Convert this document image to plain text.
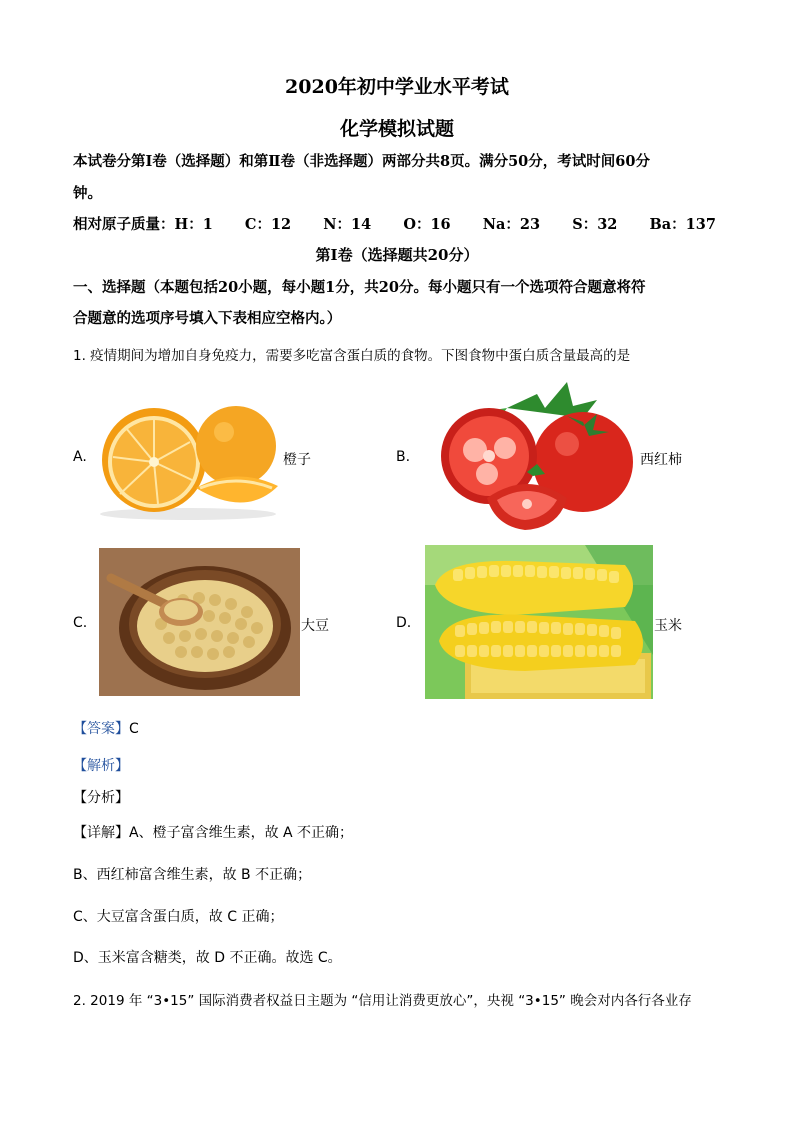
2020年初中学业水平考试
化学模拟试题
本试卷分第Ⅰ卷（选择题）和第Ⅱ卷（非选择题）两部分共8页。满分50分，考试时间60分
钟。
相对原子质量：H：1 C：12 N：14 O：16 Na：23 S：32 Ba：137
第Ⅰ卷（选择题共20分）
一、选择题（本题包括20小题，每小题1分，共20分。每小题只有一个选项符合题意将符
合题意的选项序号填入下表相应空格内。）
1. 疫情期间为增加自身免疫力，需要多吃富含蛋白质的食物。下图食物中蛋白质含量最高的是
A.	橙子	B.	西红柿
C.	大豆	D.	玉米
【答案】C
【解析】
【分析】
【详解】A、橙子富含维生素，故 A 不正确；
B、西红柿富含维生素，故 B 不正确；
C、大豆富含蛋白质，故 C 正确；
D、玉米富含糖类，故 D 不正确。故选 C。
2. 2019 年 “3•15” 国际消费者权益日主题为 “信用让消费更放心”，央视 “3•15” 晚会对内各行各业存
